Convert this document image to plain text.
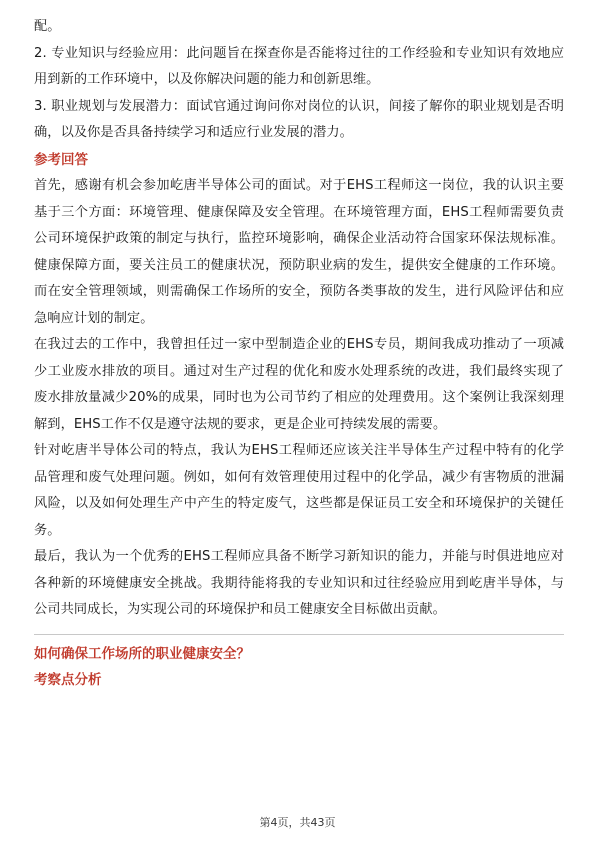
配。

2. 专业知识与经验应用：此问题旨在探查你是否能将过往的工作经验和专业知识有效地应用到新的工作环境中，以及你解决问题的能力和创新思维。

3. 职业规划与发展潜力：面试官通过询问你对岗位的认识，间接了解你的职业规划是否明确，以及你是否具备持续学习和适应行业发展的潜力。

参考回答

首先，感谢有机会参加屹唐半导体公司的面试。对于EHS工程师这一岗位，我的认识主要基于三个方面：环境管理、健康保障及安全管理。在环境管理方面，EHS工程师需要负责公司环境保护政策的制定与执行，监控环境影响，确保企业活动符合国家环保法规标准。健康保障方面，要关注员工的健康状况，预防职业病的发生，提供安全健康的工作环境。而在安全管理领域，则需确保工作场所的安全，预防各类事故的发生，进行风险评估和应急响应计划的制定。

在我过去的工作中，我曾担任过一家中型制造企业的EHS专员，期间我成功推动了一项减少工业废水排放的项目。通过对生产过程的优化和废水处理系统的改进，我们最终实现了废水排放量减少20%的成果，同时也为公司节约了相应的处理费用。这个案例让我深刻理解到，EHS工作不仅是遵守法规的要求，更是企业可持续发展的需要。

针对屹唐半导体公司的特点，我认为EHS工程师还应该关注半导体生产过程中特有的化学品管理和废气处理问题。例如，如何有效管理使用过程中的化学品，减少有害物质的泄漏风险，以及如何处理生产中产生的特定废气，这些都是保证员工安全和环境保护的关键任务。

最后，我认为一个优秀的EHS工程师应具备不断学习新知识的能力，并能与时俱进地应对各种新的环境健康安全挑战。我期待能将我的专业知识和过往经验应用到屹唐半导体，与公司共同成长，为实现公司的环境保护和员工健康安全目标做出贡献。

如何确保工作场所的职业健康安全？
考察点分析
第4页，共43页
